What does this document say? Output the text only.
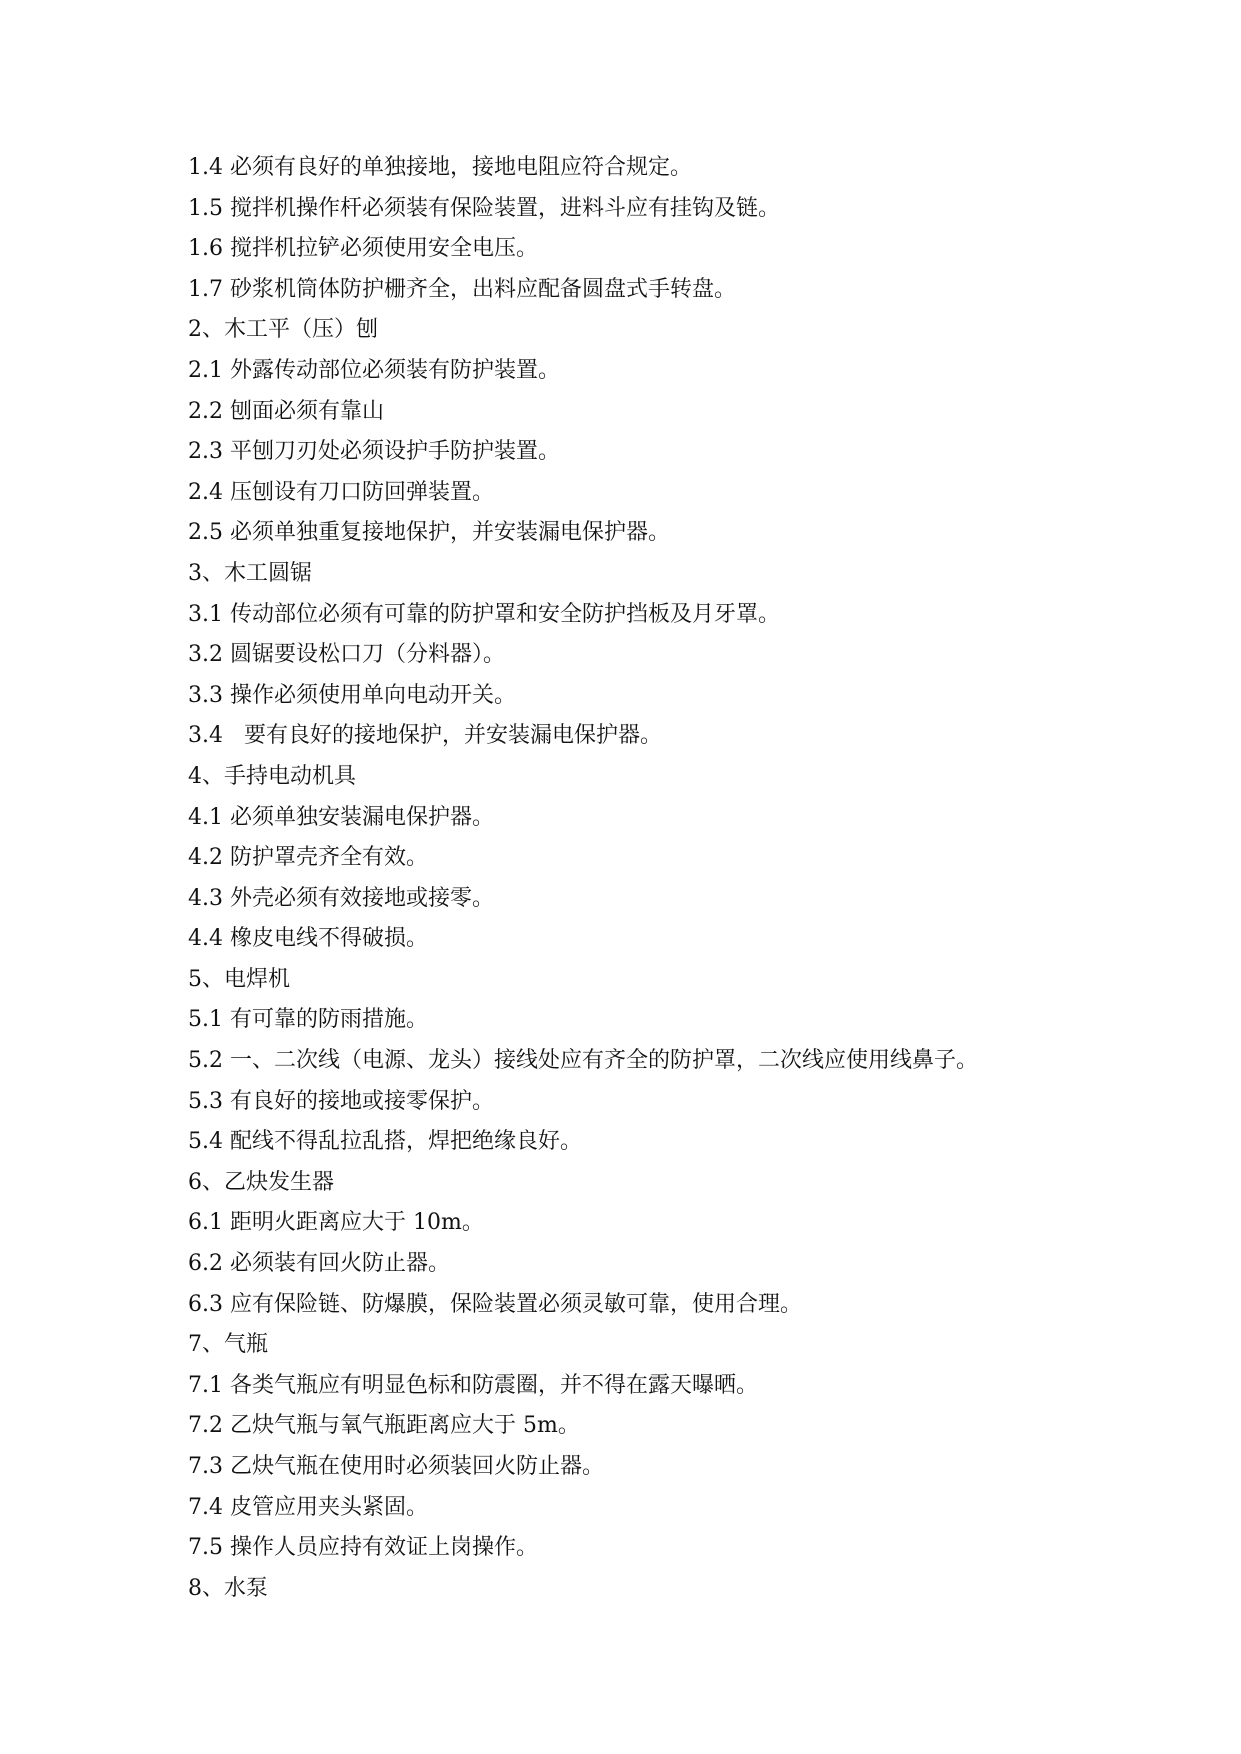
1.4 必须有良好的单独接地，接地电阻应符合规定。
1.5 搅拌机操作杆必须装有保险装置，进料斗应有挂钩及链。
1.6 搅拌机拉铲必须使用安全电压。
1.7 砂浆机筒体防护栅齐全，出料应配备圆盘式手转盘。
2、木工平（压）刨
2.1 外露传动部位必须装有防护装置。
2.2 刨面必须有靠山
2.3 平刨刀刃处必须设护手防护装置。
2.4 压刨设有刀口防回弹装置。
2.5 必须单独重复接地保护，并安装漏电保护器。
3、木工圆锯
3.1 传动部位必须有可靠的防护罩和安全防护挡板及月牙罩。
3.2 圆锯要设松口刀（分料器）。
3.3 操作必须使用单向电动开关。
3.4  要有良好的接地保护，并安装漏电保护器。
4、手持电动机具
4.1 必须单独安装漏电保护器。
4.2 防护罩壳齐全有效。
4.3 外壳必须有效接地或接零。
4.4 橡皮电线不得破损。
5、电焊机
5.1 有可靠的防雨措施。
5.2 一、二次线（电源、龙头）接线处应有齐全的防护罩，二次线应使用线鼻子。
5.3 有良好的接地或接零保护。
5.4 配线不得乱拉乱搭，焊把绝缘良好。
6、乙炔发生器
6.1 距明火距离应大于 10m。
6.2 必须装有回火防止器。
6.3 应有保险链、防爆膜，保险装置必须灵敏可靠，使用合理。
7、气瓶
7.1 各类气瓶应有明显色标和防震圈，并不得在露天曝晒。
7.2 乙炔气瓶与氧气瓶距离应大于 5m。
7.3 乙炔气瓶在使用时必须装回火防止器。
7.4 皮管应用夹头紧固。
7.5 操作人员应持有效证上岗操作。
8、水泵
